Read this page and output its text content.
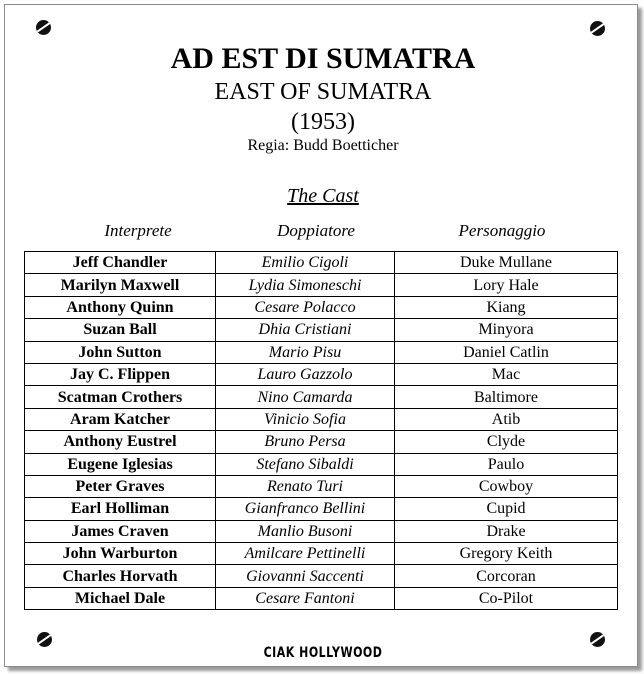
AD EST DI SUMATRA
EAST OF SUMATRA
(1953)
Regia: Budd Boetticher
The Cast
Interprete	Doppiatore	Personaggio
Jeff Chandler	Emilio Cigoli	Duke Mullane
Marilyn Maxwell	Lydia Simoneschi	Lory Hale
Anthony Quinn	Cesare Polacco	Kiang
Suzan Ball	Dhia Cristiani	Minyora
John Sutton	Mario Pisu	Daniel Catlin
Jay C. Flippen	Lauro Gazzolo	Mac
Scatman Crothers	Nino Camarda	Baltimore
Aram Katcher	Vinicio Sofia	Atib
Anthony Eustrel	Bruno Persa	Clyde
Eugene Iglesias	Stefano Sibaldi	Paulo
Peter Graves	Renato Turi	Cowboy
Earl Holliman	Gianfranco Bellini	Cupid
James Craven	Manlio Busoni	Drake
John Warburton	Amilcare Pettinelli	Gregory Keith
Charles Horvath	Giovanni Saccenti	Corcoran
Michael Dale	Cesare Fantoni	Co-Pilot
CIAK HOLLYWOOD
